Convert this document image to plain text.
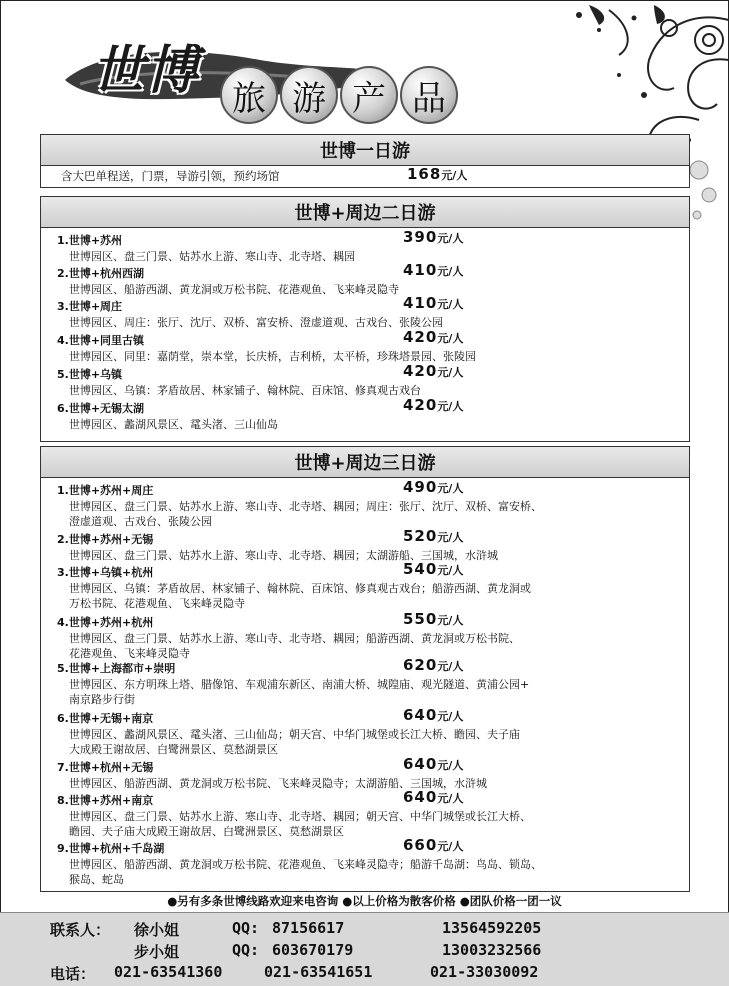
世博 旅 游 产 品
世博一日游
含大巴单程送，门票，导游引领，预约场馆	168元/人
世博+周边二日游
1.世博+苏州
世博园区、盘三门景、姑苏水上游、寒山寺、北寺塔、耦园
390元/人
2.世博+杭州西湖
世博园区、船游西湖、黄龙洞或万松书院、花港观鱼、飞来峰灵隐寺
410元/人
3.世博+周庄
世博园区、周庄：张厅、沈厅、双桥、富安桥、澄虚道观、古戏台、张陵公园
410元/人
4.世博+同里古镇
世博园区、同里：嘉荫堂，崇本堂，长庆桥，吉利桥，太平桥，珍珠塔景园、张陵园
420元/人
5.世博+乌镇
世博园区、乌镇：茅盾故居、林家铺子、翰林院、百床馆、修真观古戏台
420元/人
6.世博+无锡太湖
世博园区、蠡湖风景区、鼋头渚、三山仙岛
420元/人
世博+周边三日游
1.世博+苏州+周庄
世博园区、盘三门景、姑苏水上游、寒山寺、北寺塔、耦园；周庄：张厅、沈厅、双桥、富安桥、
澄虚道观、古戏台、张陵公园
490元/人
2.世博+苏州+无锡
世博园区、盘三门景、姑苏水上游、寒山寺、北寺塔、耦园；太湖游船、三国城，水浒城
520元/人
3.世博+乌镇+杭州
世博园区、乌镇：茅盾故居、林家铺子、翰林院、百床馆、修真观古戏台；船游西湖、黄龙洞或
万松书院、花港观鱼、飞来峰灵隐寺
540元/人
4.世博+苏州+杭州
世博园区、盘三门景、姑苏水上游、寒山寺、北寺塔、耦园；船游西湖、黄龙洞或万松书院、
花港观鱼、飞来峰灵隐寺
550元/人
5.世博+上海都市+崇明
世博园区、东方明珠上塔、腊像馆、车观浦东新区、南浦大桥、城隍庙、观光隧道、黄浦公园+
南京路步行街
620元/人
6.世博+无锡+南京
世博园区、蠡湖风景区、鼋头渚、三山仙岛；朝天宫、中华门城堡或长江大桥、瞻园、夫子庙
大成殿王谢故居、白鹭洲景区、莫愁湖景区
640元/人
7.世博+杭州+无锡
世博园区、船游西湖、黄龙洞或万松书院、飞来峰灵隐寺；太湖游船、三国城，水浒城
640元/人
8.世博+苏州+南京
世博园区、盘三门景、姑苏水上游、寒山寺、北寺塔、耦园；朝天宫、中华门城堡或长江大桥、
瞻园、夫子庙大成殿王谢故居、白鹭洲景区、莫愁湖景区
640元/人
9.世博+杭州+千岛湖
世博园区、船游西湖、黄龙洞或万松书院、花港观鱼、飞来峰灵隐寺；船游千岛湖：鸟岛、锁岛、
猴岛、蛇岛
660元/人
●另有多条世博线路欢迎来电咨询 ●以上价格为散客价格 ●团队价格一团一议
联系人： 徐小姐	QQ: 87156617	13564592205
步小姐	QQ: 603670179	13003232566
电话： 021-63541360	021-63541651	021-33030092
